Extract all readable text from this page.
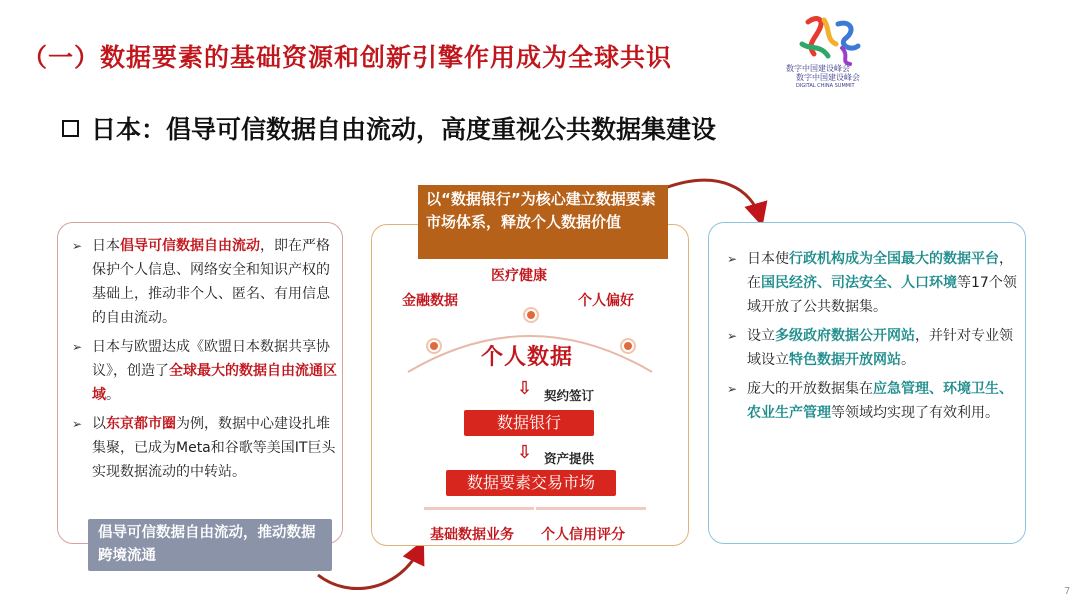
（一）数据要素的基础资源和创新引擎作用成为全球共识
日本：倡导可信数据自由流动，高度重视公共数据集建设
数字中国建设峰会
数字中国建设峰会
DIGITAL CHINA SUMMIT
➢ 日本倡导可信数据自由流动，即在严格保护个人信息、网络安全和知识产权的基础上，推动非个人、匿名、有用信息的自由流动。
➢ 日本与欧盟达成《欧盟日本数据共享协议》，创造了全球最大的数据自由流通区域。
➢ 以东京都市圈为例，数据中心建设扎堆集聚，已成为Meta和谷歌等美国IT巨头实现数据流动的中转站。
倡导可信数据自由流动，推动数据跨境流通
以“数据银行”为核心建立数据要素市场体系，释放个人数据价值
医疗健康
金融数据	个人偏好
个人数据
⇩ 契约签订
数据银行
⇩ 资产提供
数据要素交易市场
基础数据业务 个人信用评分
➢ 日本使行政机构成为全国最大的数据平台，在国民经济、司法安全、人口环境等17个领域开放了公共数据集。
➢ 设立多级政府数据公开网站，并针对专业领域设立特色数据开放网站。
➢ 庞大的开放数据集在应急管理、环境卫生、农业生产管理等领域均实现了有效利用。
7
